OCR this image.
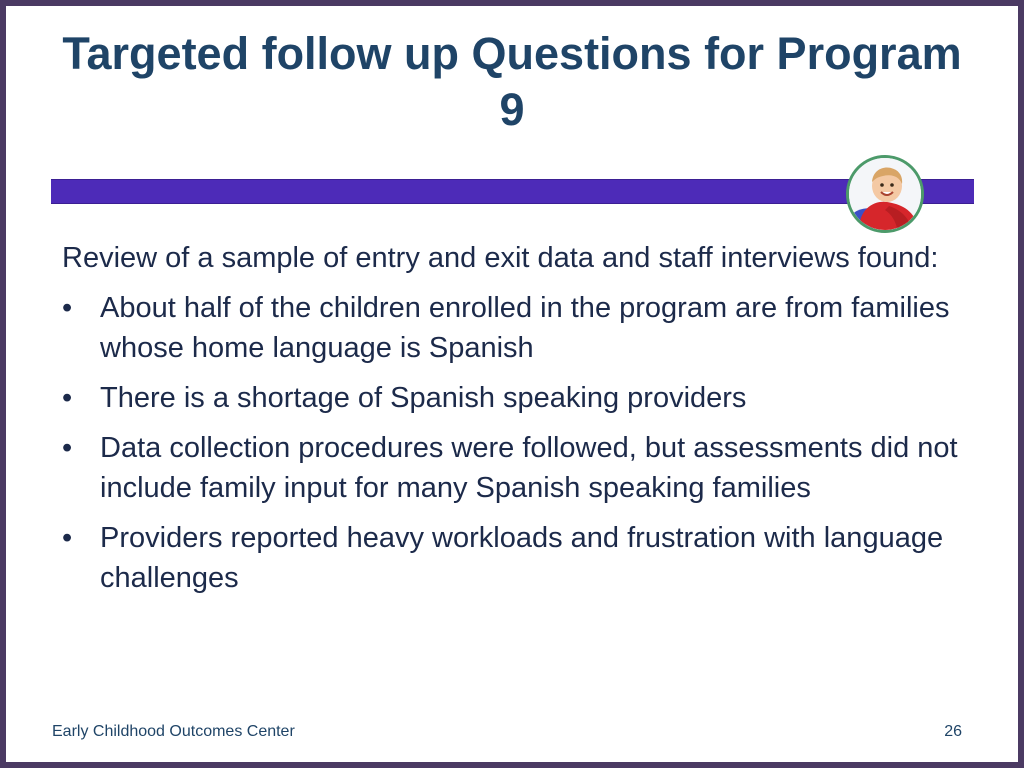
Targeted follow up Questions for Program 9

Review of a sample of entry and exit data and staff interviews found:

• About half of the children enrolled in the program are from families whose home language is Spanish
• There is a shortage of Spanish speaking providers
• Data collection procedures were followed, but assessments did not include family input for many Spanish speaking families
• Providers reported heavy workloads and frustration with language challenges
Early Childhood Outcomes Center	26
